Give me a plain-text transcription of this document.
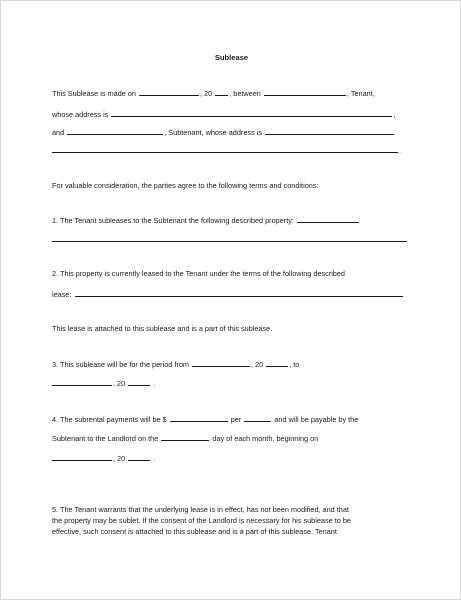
Sublease
This Sublease is made on	, 20 , between	, Tenant,
whose address is	,
and	, Subtenant, whose address is
.
For valuable consideration, the parties agree to the following terms and conditions:
1. The Tenant subleases to the Subtenant the following described property:
2. This property is currently leased to the Tenant under the terms of the following described
lease:
This lease is attached to this sublease and is a part of this sublease.
3. This sublease will be for the period from	, 20	, to
, 20	.
4. The subrental payments will be $	per	and will be payable by the
Subtenant to the Landlord on the	day of each month, beginning on
, 20	.
5. The Tenant warrants that the underlying lease is in effect, has not been modified, and that
the property may be sublet. If the consent of the Landlord is necessary for his sublease to be
effective, such consent is attached to this sublease and is a part of this sublease. Tenant
